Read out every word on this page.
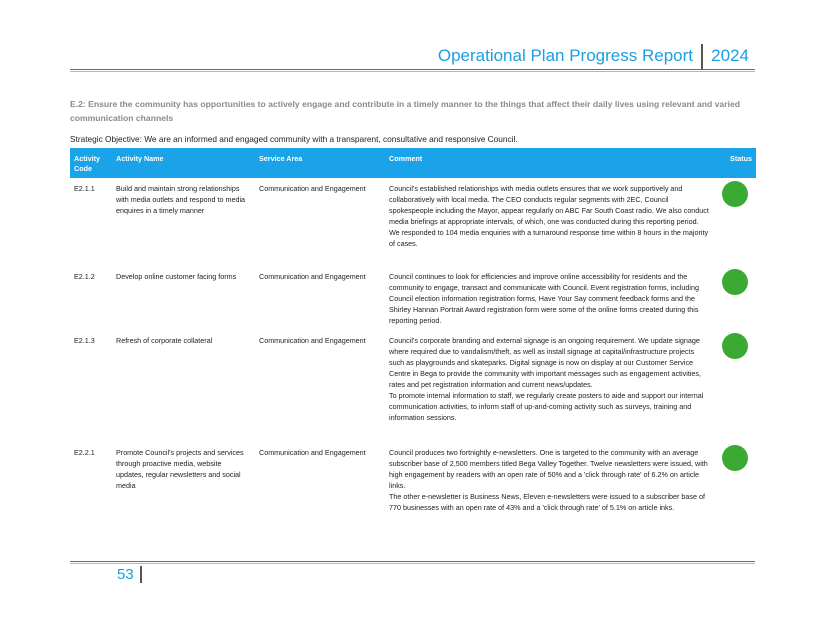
Operational Plan Progress Report 2024
E.2: Ensure the community has opportunities to actively engage and contribute in a timely manner to the things that affect their daily lives using relevant and varied communication channels
Strategic Objective: We are an informed and engaged community with a transparent, consultative and responsive Council.
Activity Code	Activity Name	Service Area	Comment	Status
E2.1.1	Build and maintain strong relationships with media outlets and respond to media enquires in a timely manner	Communication and Engagement	Council's established relationships with media outlets ensures that we work supportively and collaboratively with local media. The CEO conducts regular segments with 2EC, Council spokespeople including the Mayor, appear regularly on ABC Far South Coast radio. We also conduct media briefings at appropriate intervals, of which, one was conducted during this reporting period.
We responded to 104 media enquiries with a turnaround response time within 8 hours in the majority of cases.	

E2.1.2	Develop online customer facing forms	Communication and Engagement	Council continues to look for efficiencies and improve online accessibility for residents and the community to engage, transact and communicate with Council. Event registration forms, including Council election information registration forms, Have Your Say comment feedback forms and the Shirley Hannan Portrait Award registration form were some of the online forms created during this reporting period.	

E2.1.3	Refresh of corporate collateral	Communication and Engagement	Council's corporate branding and external signage is an ongoing requirement. We update signage where required due to vandalism/theft, as well as install signage at capital/infrastructure projects such as playgrounds and skateparks. Digital signage is now on display at our Customer Service Centre in Bega to provide the community with important messages such as engagement activities, rates and pet registration information and current news/updates.
To promote internal information to staff, we regularly create posters to aide and support our internal communication activities, to inform staff of up-and-coming activity such as surveys, training and information sessions.	

E2.2.1	Promote Council's projects and services through proactive media, website updates, regular newsletters and social media	Communication and Engagement	Council produces two fortnightly e-newsletters. One is targeted to the community with an average subscriber base of 2,500 members titled Bega Valley Together. Twelve newsletters were issued, with high engagement by readers with an open rate of 50% and a 'click through rate' of 6.2% on article links.
The other e-newsletter is Business News, Eleven e-newsletters were issued to a subscriber base of 770 businesses with an open rate of 43% and a 'click through rate' of 5.1% on article inks.	

53
